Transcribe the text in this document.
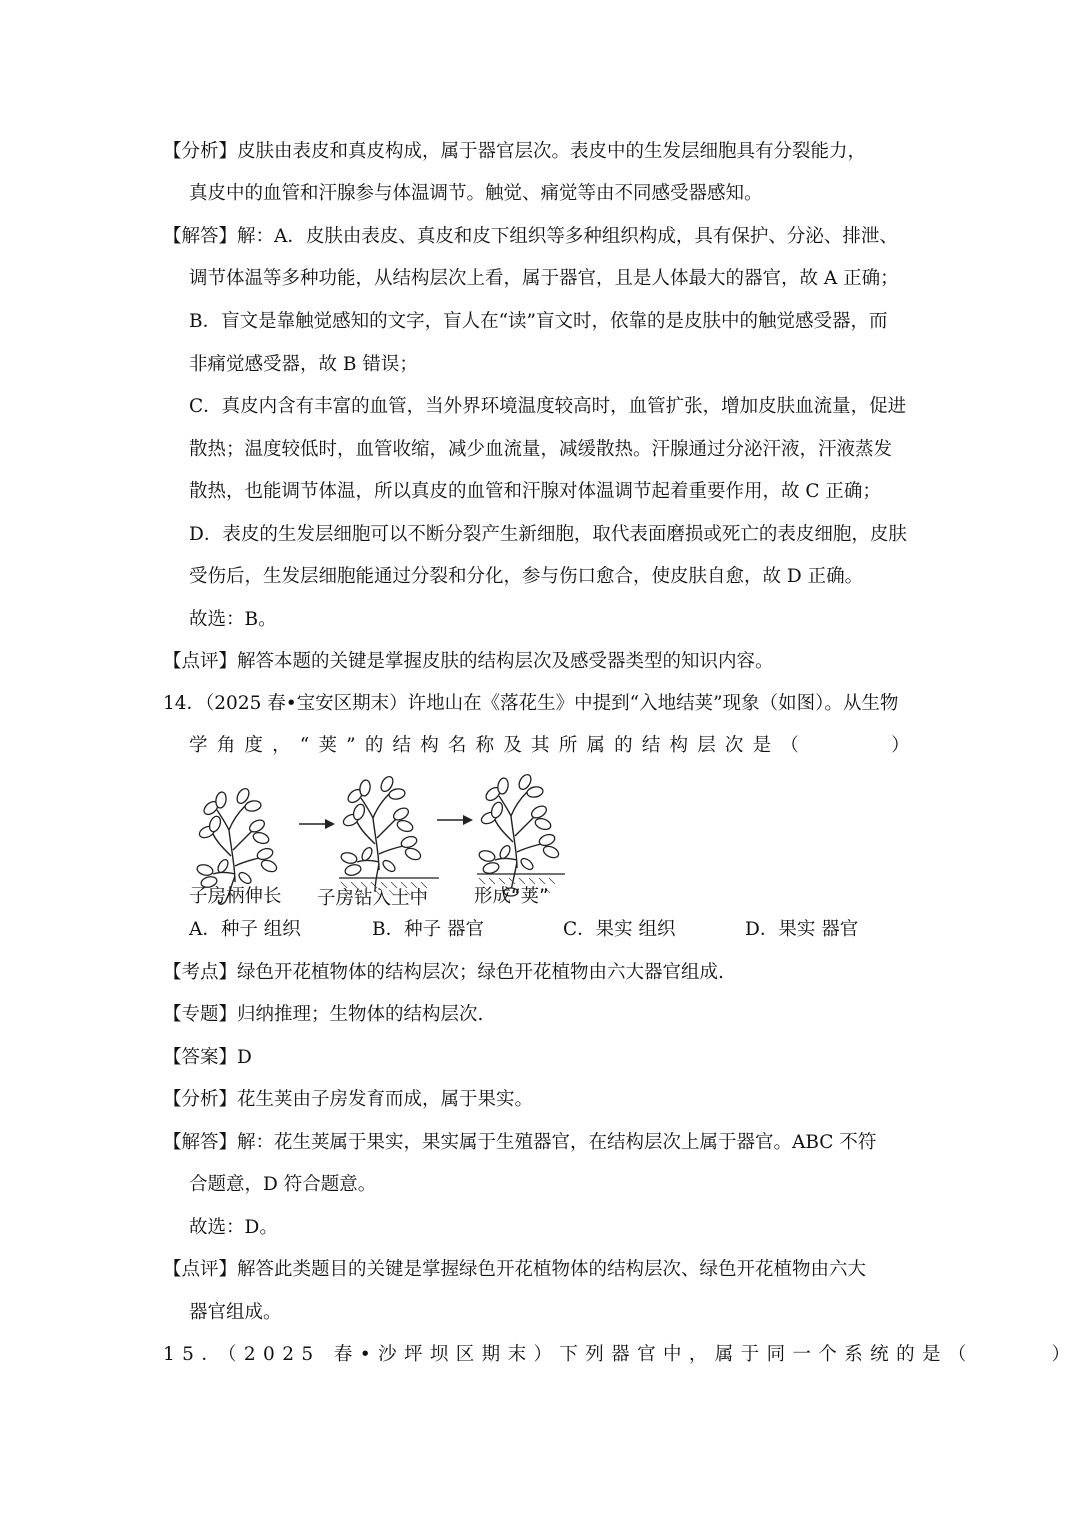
【分析】皮肤由表皮和真皮构成，属于器官层次。表皮中的生发层细胞具有分裂能力，
真皮中的血管和汗腺参与体温调节。触觉、痛觉等由不同感受器感知。
【解答】解：A．皮肤由表皮、真皮和皮下组织等多种组织构成，具有保护、分泌、排泄、
调节体温等多种功能，从结构层次上看，属于器官，且是人体最大的器官，故 A 正确；
B．盲文是靠触觉感知的文字，盲人在“读”盲文时，依靠的是皮肤中的触觉感受器，而
非痛觉感受器，故 B 错误；
C．真皮内含有丰富的血管，当外界环境温度较高时，血管扩张，增加皮肤血流量，促进
散热；温度较低时，血管收缩，减少血流量，减缓散热。汗腺通过分泌汗液，汗液蒸发
散热，也能调节体温，所以真皮的血管和汗腺对体温调节起着重要作用，故 C 正确；
D．表皮的生发层细胞可以不断分裂产生新细胞，取代表面磨损或死亡的表皮细胞，皮肤
受伤后，生发层细胞能通过分裂和分化，参与伤口愈合，使皮肤自愈，故 D 正确。
故选：B。
【点评】解答本题的关键是掌握皮肤的结构层次及感受器类型的知识内容。
14．（2025 春•宝安区期末）许地山在《落花生》中提到“入地结荚”现象（如图）。从生物
学角度，“荚”的结构名称及其所属的结构层次是（　　　）
子房柄伸长 子房钻入土中 形成“荚”
A．种子 组织	B．种子 器官	C．果实 组织	D．果实 器官
【考点】绿色开花植物体的结构层次；绿色开花植物由六大器官组成.
【专题】归纳推理；生物体的结构层次.
【答案】D
【分析】花生荚由子房发育而成，属于果实。
【解答】解：花生荚属于果实，果实属于生殖器官，在结构层次上属于器官。ABC 不符
合题意，D 符合题意。
故选：D。
【点评】解答此类题目的关键是掌握绿色开花植物体的结构层次、绿色开花植物由六大
器官组成。
15．（2025 春•沙坪坝区期末）下列器官中，属于同一个系统的是（　　　）
